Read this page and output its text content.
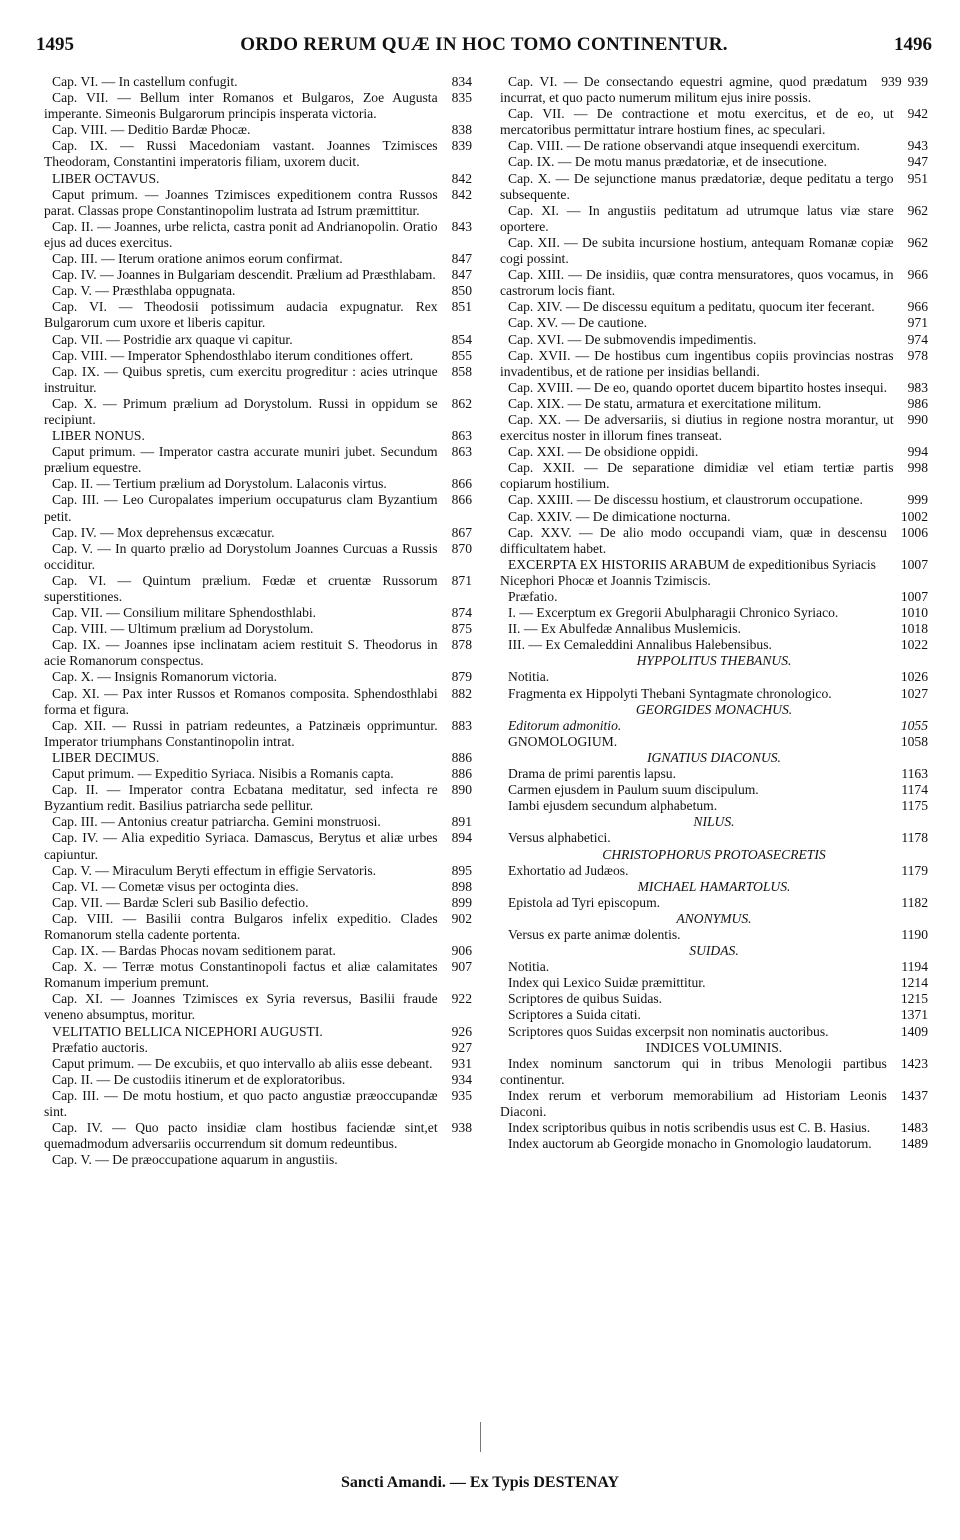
1495	ORDO RERUM QUÆ IN HOC TOMO CONTINENTUR.	1496
834
Cap. VI. — In castellum confugit.
835
Cap. VII. — Bellum inter Romanos et Bulgaros, Zoe Augusta imperante. Simeonis Bulgarorum principis insperata victoria.
838
Cap. VIII. — Deditio Bardæ Phocæ.
839
Cap. IX. — Russi Macedoniam vastant. Joannes Tzimisces Theodoram, Constantini imperatoris filiam, uxorem ducit.
842
LIBER OCTAVUS.
842
Caput primum. — Joannes Tzimisces expeditionem contra Russos parat. Classas prope Constantinopolim lustrata ad Istrum præmittitur.
843
Cap. II. — Joannes, urbe relicta, castra ponit ad Andrianopolin. Oratio ejus ad duces exercitus.
847
Cap. III. — Iterum oratione animos eorum confirmat.
847
Cap. IV. — Joannes in Bulgariam descendit. Prælium ad Præsthlabam.
850
Cap. V. — Præsthlaba oppugnata.
851
Cap. VI. — Theodosii potissimum audacia expugnatur. Rex Bulgarorum cum uxore et liberis capitur.
854
Cap. VII. — Postridie arx quaque vi capitur.
855
Cap. VIII. — Imperator Sphendosthlabo iterum conditiones offert.
858
Cap. IX. — Quibus spretis, cum exercitu progreditur : acies utrinque instruitur.
862
Cap. X. — Primum prælium ad Dorystolum. Russi in oppidum se recipiunt.
863
LIBER NONUS.
863
Caput primum. — Imperator castra accurate muniri jubet. Secundum prælium equestre.
866
Cap. II. — Tertium prælium ad Dorystolum. Lalaconis virtus.
866
Cap. III. — Leo Curopalates imperium occupaturus clam Byzantium petit.
867
Cap. IV. — Mox deprehensus excæcatur.
870
Cap. V. — In quarto prælio ad Dorystolum Joannes Curcuas a Russis occiditur.
871
Cap. VI. — Quintum prælium. Fœdæ et cruentæ Russorum superstitiones.
874
Cap. VII. — Consilium militare Sphendosthlabi.
875
Cap. VIII. — Ultimum prælium ad Dorystolum.
878
Cap. IX. — Joannes ipse inclinatam aciem restituit S. Theodorus in acie Romanorum conspectus.
879
Cap. X. — Insignis Romanorum victoria.
882
Cap. XI. — Pax inter Russos et Romanos composita. Sphendosthlabi forma et figura.
883
Cap. XII. — Russi in patriam redeuntes, a Patzinæis opprimuntur. Imperator triumphans Constantinopolin intrat.
886
LIBER DECIMUS.
886
Caput primum. — Expeditio Syriaca. Nisibis a Romanis capta.
890
Cap. II. — Imperator contra Ecbatana meditatur, sed infecta re Byzantium redit. Basilius patriarcha sede pellitur.
891
Cap. III. — Antonius creatur patriarcha. Gemini monstruosi.
894
Cap. IV. — Alia expeditio Syriaca. Damascus, Berytus et aliæ urbes capiuntur.
895
Cap. V. — Miraculum Beryti effectum in effigie Servatoris.
898
Cap. VI. — Cometæ visus per octoginta dies.
899
Cap. VII. — Bardæ Scleri sub Basilio defectio.
902
Cap. VIII. — Basilii contra Bulgaros infelix expeditio. Clades Romanorum stella cadente portenta.
906
Cap. IX. — Bardas Phocas novam seditionem parat.
907
Cap. X. — Terræ motus Constantinopoli factus et aliæ calamitates Romanum imperium premunt.
922
Cap. XI. — Joannes Tzimisces ex Syria reversus, Basilii fraude veneno absumptus, moritur.
926
VELITATIO BELLICA NICEPHORI AUGUSTI.
927
Præfatio auctoris.
931
Caput primum. — De excubiis, et quo intervallo ab aliis esse debeant.
934
Cap. II. — De custodiis itinerum et de exploratoribus.
935
Cap. III. — De motu hostium, et quo pacto angustiæ præoccupandæ sint.
938
Cap. IV. — Quo pacto insidiæ clam hostibus faciendæ sint,et quemadmodum adversariis occurrendum sit domum redeuntibus.
Cap. V. — De præoccupatione aquarum in angustiis.
939
939
Cap. VI. — De consectando equestri agmine, quod prædatum incurrat, et quo pacto numerum militum ejus inire possis.
942
Cap. VII. — De contractione et motu exercitus, et de eo, ut mercatoribus permittatur intrare hostium fines, ac speculari.
943
Cap. VIII. — De ratione observandi atque insequendi exercitum.
947
Cap. IX. — De motu manus prædatoriæ, et de insecutione.
951
Cap. X. — De sejunctione manus prædatoriæ, deque peditatu a tergo subsequente.
962
Cap. XI. — In angustiis peditatum ad utrumque latus viæ stare oportere.
962
Cap. XII. — De subita incursione hostium, antequam Romanæ copiæ cogi possint.
966
Cap. XIII. — De insidiis, quæ contra mensuratores, quos vocamus, in castrorum locis fiant.
966
Cap. XIV. — De discessu equitum a peditatu, quocum iter fecerant.
971
Cap. XV. — De cautione.
974
Cap. XVI. — De submovendis impedimentis.
978
Cap. XVII. — De hostibus cum ingentibus copiis provincias nostras invadentibus, et de ratione per insidias bellandi.
983
Cap. XVIII. — De eo, quando oportet ducem bipartito hostes insequi.
986
Cap. XIX. — De statu, armatura et exercitatione militum.
990
Cap. XX. — De adversariis, si diutius in regione nostra morantur, ut exercitus noster in illorum fines transeat.
994
Cap. XXI. — De obsidione oppidi.
998
Cap. XXII. — De separatione dimidiæ vel etiam tertiæ partis copiarum hostilium.
999
Cap. XXIII. — De discessu hostium, et claustrorum occupatione.
1002
Cap. XXIV. — De dimicatione nocturna.
1006
Cap. XXV. — De alio modo occupandi viam, quæ in descensu difficultatem habet.
1007
EXCERPTA EX HISTORIIS ARABUM de expeditionibus Syriacis Nicephori Phocæ et Joannis Tzimiscis.
1007
Præfatio.
1010
I. — Excerptum ex Gregorii Abulpharagii Chronico Syriaco.
1018
II. — Ex Abulfedæ Annalibus Muslemicis.
1022
III. — Ex Cemaleddini Annalibus Halebensibus.
HYPPOLITUS THEBANUS.
1026
Notitia.
1027
Fragmenta ex Hippolyti Thebani Syntagmate chronologico.
GEORGIDES MONACHUS.
1055
Editorum admonitio.
1058
GNOMOLOGIUM.
IGNATIUS DIACONUS.
1163
Drama de primi parentis lapsu.
1174
Carmen ejusdem in Paulum suum discipulum.
1175
Iambi ejusdem secundum alphabetum.
NILUS.
1178
Versus alphabetici.
CHRISTOPHORUS PROTOASECRETIS
1179
Exhortatio ad Judæos.
MICHAEL HAMARTOLUS.
1182
Epistola ad Tyri episcopum.
ANONYMUS.
1190
Versus ex parte animæ dolentis.
SUIDAS.
1194
Notitia.
1214
Index qui Lexico Suidæ præmittitur.
1215
Scriptores de quibus Suidas.
1371
Scriptores a Suida citati.
1409
Scriptores quos Suidas excerpsit non nominatis auctoribus.
INDICES VOLUMINIS.
1423
Index nominum sanctorum qui in tribus Menologii partibus continentur.
1437
Index rerum et verborum memorabilium ad Historiam Leonis Diaconi.
1483
Index scriptoribus quibus in notis scribendis usus est C. B. Hasius.
1489
Index auctorum ab Georgide monacho in Gnomologio laudatorum.
Sancti Amandi. — Ex Typis DESTENAY
